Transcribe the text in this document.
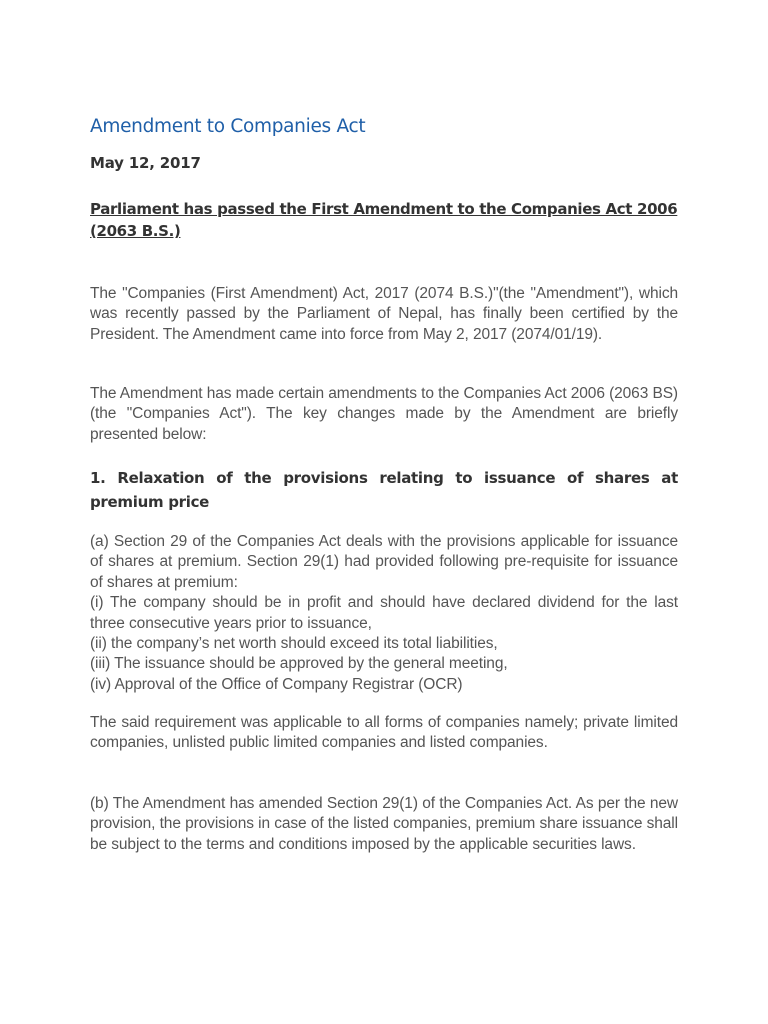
Amendment to Companies Act
May 12, 2017
Parliament has passed the First Amendment to the Companies Act 2006 (2063 B.S.)

The "Companies (First Amendment) Act, 2017 (2074 B.S.)"(the "Amendment"), which was recently passed by the Parliament of Nepal, has finally been certified by the President. The Amendment came into force from May 2, 2017 (2074/01/19).

The Amendment has made certain amendments to the Companies Act 2006 (2063 BS) (the "Companies Act"). The key changes made by the Amendment are briefly presented below:

1. Relaxation of the provisions relating to issuance of shares at premium price
(a) Section 29 of the Companies Act deals with the provisions applicable for issuance of shares at premium. Section 29(1) had provided following pre-requisite for issuance of shares at premium:
(i) The company should be in profit and should have declared dividend for the last three consecutive years prior to issuance,
(ii) the company’s net worth should exceed its total liabilities,
(iii) The issuance should be approved by the general meeting,
(iv) Approval of the Office of Company Registrar (OCR)

The said requirement was applicable to all forms of companies namely; private limited companies, unlisted public limited companies and listed companies.

(b) The Amendment has amended Section 29(1) of the Companies Act. As per the new provision, the provisions in case of the listed companies, premium share issuance shall be subject to the terms and conditions imposed by the applicable securities laws.
